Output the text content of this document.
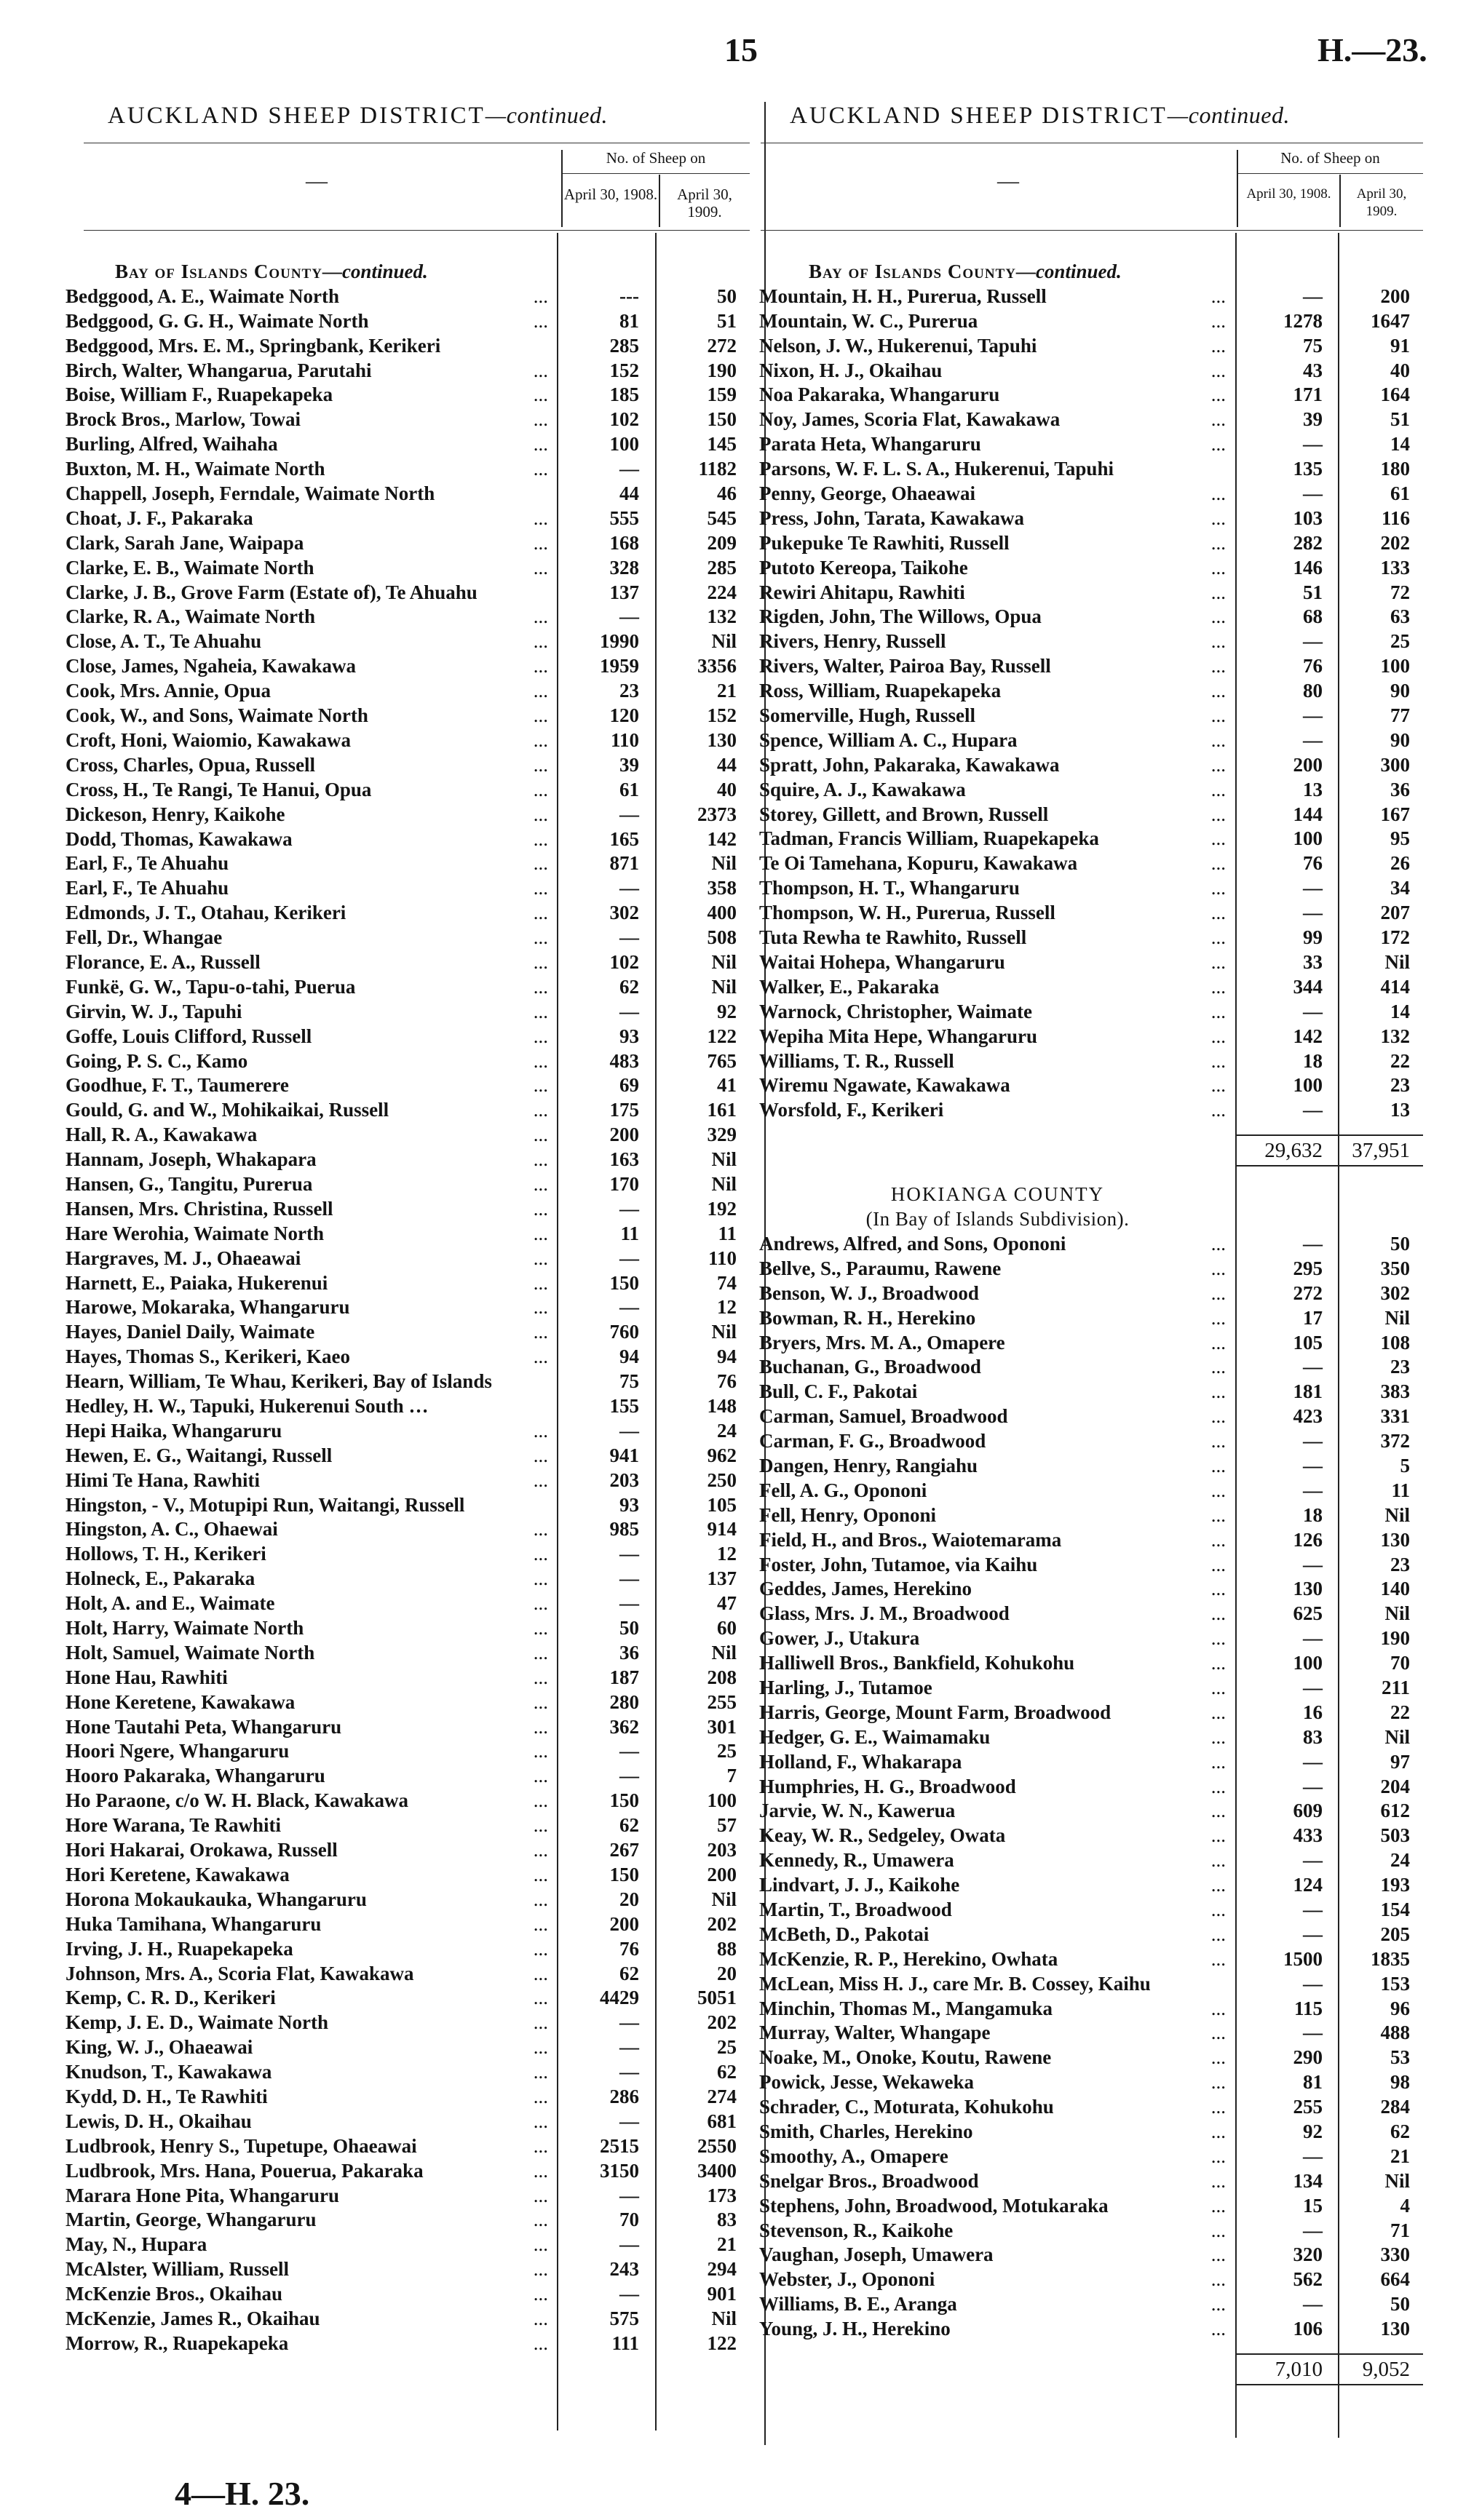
15	H.—23.
AUCKLAND SHEEP DISTRICT—continued.
No. of Sheep on
—
April 30, 1908.	April 30, 1909.
Bay of Islands County—continued.
Bedggood, A. E., Waimate North	...	---	50
Bedggood, G. G. H., Waimate North	...	81	51
Bedggood, Mrs. E. M., Springbank, Kerikeri	285	272
Birch, Walter, Whangarua, Parutahi	...	152	190
Boise, William F., Ruapekapeka	...	185	159
Brock Bros., Marlow, Towai	...	102	150
Burling, Alfred, Waihaha	...	100	145
Buxton, M. H., Waimate North	...	—	1182
Chappell, Joseph, Ferndale, Waimate North	44	46
Choat, J. F., Pakaraka	...	555	545
Clark, Sarah Jane, Waipapa	...	168	209
Clarke, E. B., Waimate North	...	328	285
Clarke, J. B., Grove Farm (Estate of), Te Ahuahu	137	224
Clarke, R. A., Waimate North	...	—	132
Close, A. T., Te Ahuahu	...	1990	Nil
Close, James, Ngaheia, Kawakawa	...	1959	3356
Cook, Mrs. Annie, Opua	...	23	21
Cook, W., and Sons, Waimate North	...	120	152
Croft, Honi, Waiomio, Kawakawa	...	110	130
Cross, Charles, Opua, Russell	...	39	44
Cross, H., Te Rangi, Te Hanui, Opua	...	61	40
Dickeson, Henry, Kaikohe	...	—	2373
Dodd, Thomas, Kawakawa	...	165	142
Earl, F., Te Ahuahu	...	871	Nil
Earl, F., Te Ahuahu	...	—	358
Edmonds, J. T., Otahau, Kerikeri	...	302	400
Fell, Dr., Whangae	...	—	508
Florance, E. A., Russell	...	102	Nil
Funkë, G. W., Tapu-o-tahi, Puerua	...	62	Nil
Girvin, W. J., Tapuhi	...	—	92
Goffe, Louis Clifford, Russell	...	93	122
Going, P. S. C., Kamo	...	483	765
Goodhue, F. T., Taumerere	...	69	41
Gould, G. and W., Mohikaikai, Russell	...	175	161
Hall, R. A., Kawakawa	...	200	329
Hannam, Joseph, Whakapara	...	163	Nil
Hansen, G., Tangitu, Purerua	...	170	Nil
Hansen, Mrs. Christina, Russell	...	—	192
Hare Werohia, Waimate North	...	11	11
Hargraves, M. J., Ohaeawai	...	—	110
Harnett, E., Paiaka, Hukerenui	...	150	74
Harowe, Mokaraka, Whangaruru	...	—	12
Hayes, Daniel Daily, Waimate	...	760	Nil
Hayes, Thomas S., Kerikeri, Kaeo	...	94	94
Hearn, William, Te Whau, Kerikeri, Bay of Islands	75	76
Hedley, H. W., Tapuki, Hukerenui South …	155	148
Hepi Haika, Whangaruru	...	—	24
Hewen, E. G., Waitangi, Russell	...	941	962
Himi Te Hana, Rawhiti	...	203	250
Hingston, - V., Motupipi Run, Waitangi, Russell	93	105
Hingston, A. C., Ohaewai	...	985	914
Hollows, T. H., Kerikeri	...	—	12
Holneck, E., Pakaraka	...	—	137
Holt, A. and E., Waimate	...	—	47
Holt, Harry, Waimate North	...	50	60
Holt, Samuel, Waimate North	...	36	Nil
Hone Hau, Rawhiti	...	187	208
Hone Keretene, Kawakawa	...	280	255
Hone Tautahi Peta, Whangaruru	...	362	301
Hoori Ngere, Whangaruru	...	—	25
Hooro Pakaraka, Whangaruru	...	—	7
Ho Paraone, c/o W. H. Black, Kawakawa	...	150	100
Hore Warana, Te Rawhiti	...	62	57
Hori Hakarai, Orokawa, Russell	...	267	203
Hori Keretene, Kawakawa	...	150	200
Horona Mokaukauka, Whangaruru	...	20	Nil
Huka Tamihana, Whangaruru	...	200	202
Irving, J. H., Ruapekapeka	...	76	88
Johnson, Mrs. A., Scoria Flat, Kawakawa	...	62	20
Kemp, C. R. D., Kerikeri	...	4429	5051
Kemp, J. E. D., Waimate North	...	—	202
King, W. J., Ohaeawai	...	—	25
Knudson, T., Kawakawa	...	—	62
Kydd, D. H., Te Rawhiti	...	286	274
Lewis, D. H., Okaihau	...	—	681
Ludbrook, Henry S., Tupetupe, Ohaeawai	...	2515	2550
Ludbrook, Mrs. Hana, Pouerua, Pakaraka	...	3150	3400
Marara Hone Pita, Whangaruru	...	—	173
Martin, George, Whangaruru	...	70	83
May, N., Hupara	...	—	21
McAlster, William, Russell	...	243	294
McKenzie Bros., Okaihau	...	—	901
McKenzie, James R., Okaihau	...	575	Nil
Morrow, R., Ruapekapeka	...	111	122
AUCKLAND SHEEP DISTRICT—continued.
No. of Sheep on
—
April 30, 1908.	April 30, 1909.
Bay of Islands County—continued.
Mountain, H. H., Purerua, Russell	...	—	200
Mountain, W. C., Purerua	...	1278	1647
Nelson, J. W., Hukerenui, Tapuhi	...	75	91
Nixon, H. J., Okaihau	...	43	40
Noa Pakaraka, Whangaruru	...	171	164
Noy, James, Scoria Flat, Kawakawa	...	39	51
Parata Heta, Whangaruru	...	—	14
Parsons, W. F. L. S. A., Hukerenui, Tapuhi	135	180
Penny, George, Ohaeawai	...	—	61
Press, John, Tarata, Kawakawa	...	103	116
Pukepuke Te Rawhiti, Russell	...	282	202
Putoto Kereopa, Taikohe	...	146	133
Rewiri Ahitapu, Rawhiti	...	51	72
Rigden, John, The Willows, Opua	...	68	63
Rivers, Henry, Russell	...	—	25
Rivers, Walter, Pairoa Bay, Russell	...	76	100
Ross, William, Ruapekapeka	...	80	90
Somerville, Hugh, Russell	...	—	77
Spence, William A. C., Hupara	...	—	90
Spratt, John, Pakaraka, Kawakawa	...	200	300
Squire, A. J., Kawakawa	...	13	36
Storey, Gillett, and Brown, Russell	...	144	167
Tadman, Francis William, Ruapekapeka	...	100	95
Te Oi Tamehana, Kopuru, Kawakawa	...	76	26
Thompson, H. T., Whangaruru	...	—	34
Thompson, W. H., Purerua, Russell	...	—	207
Tuta Rewha te Rawhito, Russell	...	99	172
Waitai Hohepa, Whangaruru	...	33	Nil
Walker, E., Pakaraka	...	344	414
Warnock, Christopher, Waimate	...	—	14
Wepiha Mita Hepe, Whangaruru	...	142	132
Williams, T. R., Russell	...	18	22
Wiremu Ngawate, Kawakawa	...	100	23
Worsfold, F., Kerikeri	...	—	13
29,632	37,951
HOKIANGA COUNTY
(In Bay of Islands Subdivision).
Andrews, Alfred, and Sons, Opononi	...	—	50
Bellve, S., Paraumu, Rawene	...	295	350
Benson, W. J., Broadwood	...	272	302
Bowman, R. H., Herekino	...	17	Nil
Bryers, Mrs. M. A., Omapere	...	105	108
Buchanan, G., Broadwood	...	—	23
Bull, C. F., Pakotai	...	181	383
Carman, Samuel, Broadwood	...	423	331
Carman, F. G., Broadwood	...	—	372
Dangen, Henry, Rangiahu	...	—	5
Fell, A. G., Opononi	...	—	11
Fell, Henry, Opononi	...	18	Nil
Field, H., and Bros., Waiotemarama	...	126	130
Foster, John, Tutamoe, via Kaihu	...	—	23
Geddes, James, Herekino	...	130	140
Glass, Mrs. J. M., Broadwood	...	625	Nil
Gower, J., Utakura	...	—	190
Halliwell Bros., Bankfield, Kohukohu	...	100	70
Harling, J., Tutamoe	...	—	211
Harris, George, Mount Farm, Broadwood	...	16	22
Hedger, G. E., Waimamaku	...	83	Nil
Holland, F., Whakarapa	...	—	97
Humphries, H. G., Broadwood	...	—	204
Jarvie, W. N., Kawerua	...	609	612
Keay, W. R., Sedgeley, Owata	...	433	503
Kennedy, R., Umawera	...	—	24
Lindvart, J. J., Kaikohe	...	124	193
Martin, T., Broadwood	...	—	154
McBeth, D., Pakotai	...	—	205
McKenzie, R. P., Herekino, Owhata	...	1500	1835
McLean, Miss H. J., care Mr. B. Cossey, Kaihu	—	153
Minchin, Thomas M., Mangamuka	...	115	96
Murray, Walter, Whangape	...	—	488
Noake, M., Onoke, Koutu, Rawene	...	290	53
Powick, Jesse, Wekaweka	...	81	98
Schrader, C., Moturata, Kohukohu	...	255	284
Smith, Charles, Herekino	...	92	62
Smoothy, A., Omapere	...	—	21
Snelgar Bros., Broadwood	...	134	Nil
Stephens, John, Broadwood, Motukaraka	...	15	4
Stevenson, R., Kaikohe	...	—	71
Vaughan, Joseph, Umawera	...	320	330
Webster, J., Opononi	...	562	664
Williams, B. E., Aranga	...	—	50
Young, J. H., Herekino	...	106	130
7,010	9,052
4—H. 23.
